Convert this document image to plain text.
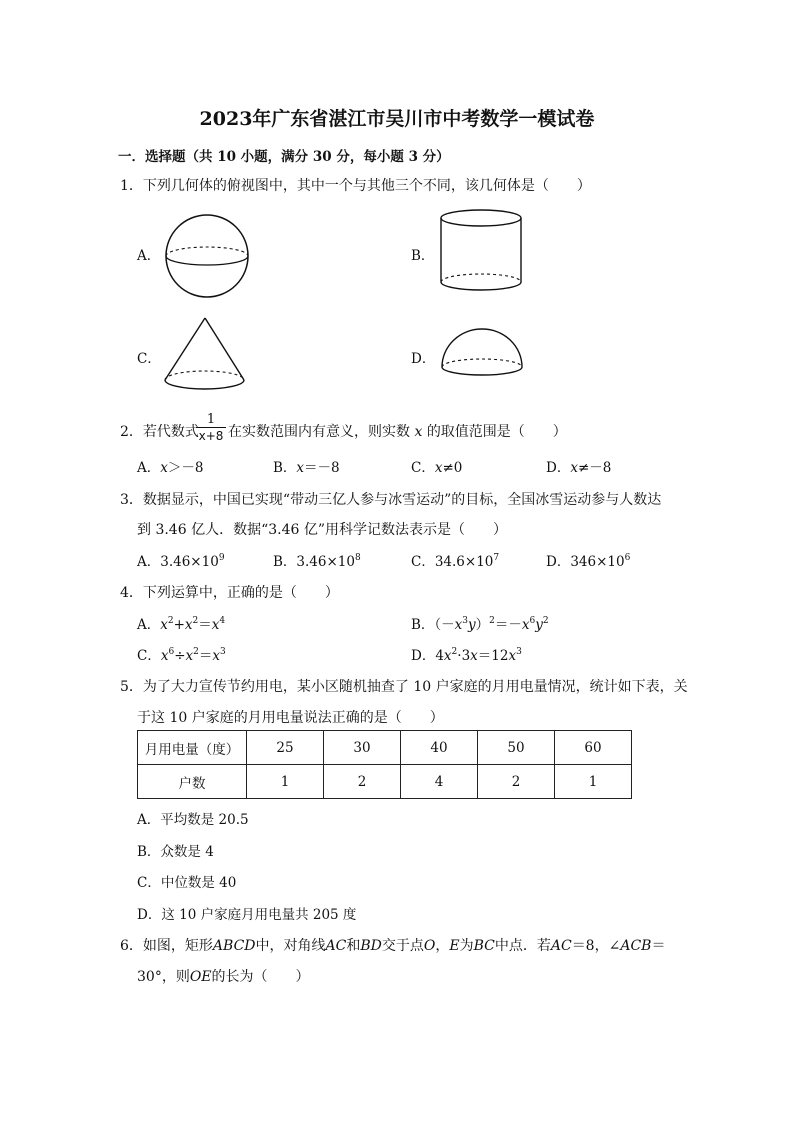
2023年广东省湛江市吴川市中考数学一模试卷
一．选择题（共 10 小题，满分 30 分，每小题 3 分）
1．下列几何体的俯视图中，其中一个与其他三个不同，该几何体是（　　）
A．	B．
C．	D．
2．若代数式
$\frac{1}{x+8}$ 在实数范围内有意义，则实数 x 的取值范围是（　　）
A．x＞－8	B．x＝－8	C．x≠0	D．x≠－8
3．数据显示，中国已实现“带动三亿人参与冰雪运动”的目标，全国冰雪运动参与人数达
到 3.46 亿人．数据“3.46 亿”用科学记数法表示是（　　）
A．$3.46\times 10^9$	B．$3.46\times 10^8$	C．$34.6\times 10^7$	D．$346\times 10^6$
4．下列运算中，正确的是（　　）
A．$x^2+x^2=x^4$	B．$(-x^3y)^2=-x^6y^2$
C．$x^6\div x^2=x^3$	D．$4x^2\cdot 3x=12x^3$
5．为了大力宣传节约用电，某小区随机抽查了 10 户家庭的月用电量情况，统计如下表，关
于这 10 户家庭的月用电量说法正确的是（　　）
月用电量（度）	25	30	40	50	60
户数	1	2	4	2	1
A．平均数是 20.5
B．众数是 4
C．中位数是 40
D．这 10 户家庭月用电量共 205 度
6．如图，矩形ABCD中，对角线AC和BD交于点O，E为BC中点．若AC＝8，∠ACB＝
30°，则OE的长为（　　）
